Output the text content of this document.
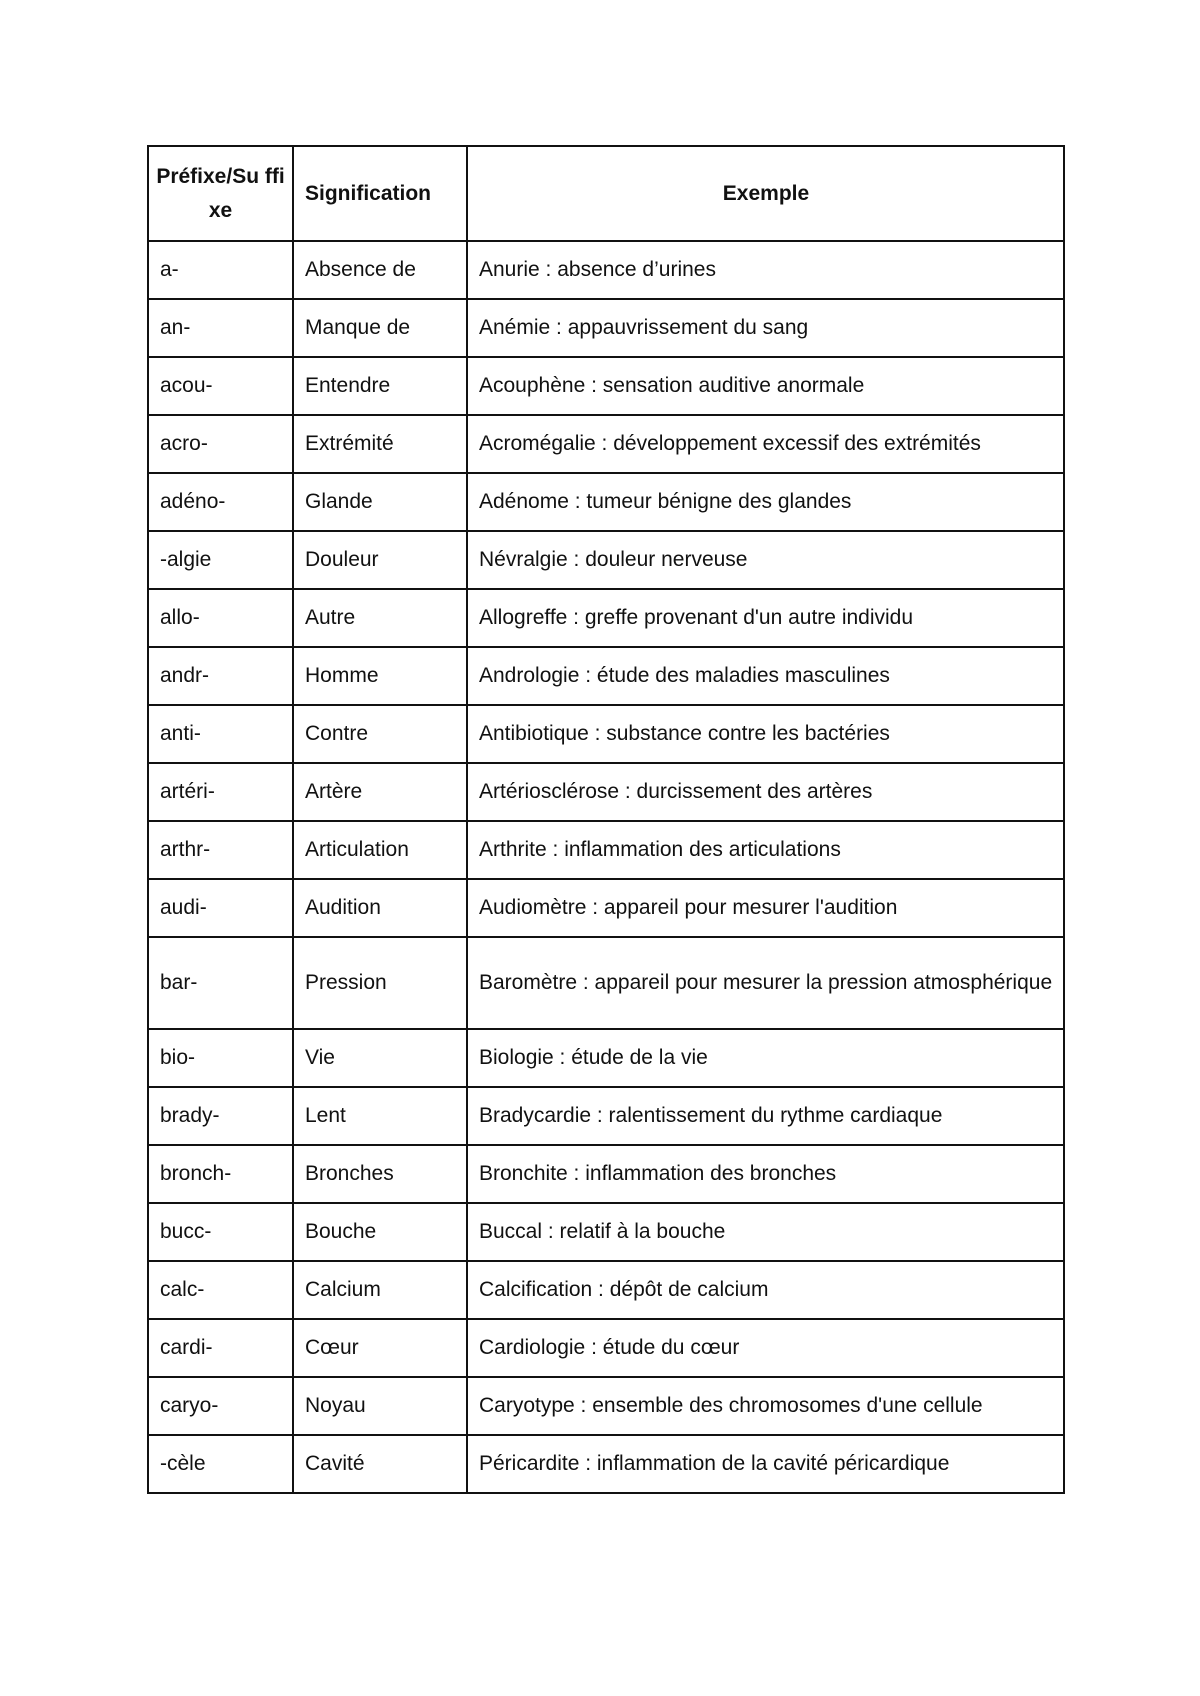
Préfixe/Su ffixe	Signification	Exemple
a-	Absence de	Anurie : absence d’urines
an-	Manque de	Anémie : appauvrissement du sang
acou-	Entendre	Acouphène : sensation auditive anormale
acro-	Extrémité	Acromégalie : développement excessif des extrémités
adéno-	Glande	Adénome : tumeur bénigne des glandes
-algie	Douleur	Névralgie : douleur nerveuse
allo-	Autre	Allogreffe : greffe provenant d'un autre individu
andr-	Homme	Andrologie : étude des maladies masculines
anti-	Contre	Antibiotique : substance contre les bactéries
artéri-	Artère	Artériosclérose : durcissement des artères
arthr-	Articulation	Arthrite : inflammation des articulations
audi-	Audition	Audiomètre : appareil pour mesurer l'audition
bar-	Pression	Baromètre : appareil pour mesurer la pression atmosphérique
bio-	Vie	Biologie : étude de la vie
brady-	Lent	Bradycardie : ralentissement du rythme cardiaque
bronch-	Bronches	Bronchite : inflammation des bronches
bucc-	Bouche	Buccal : relatif à la bouche
calc-	Calcium	Calcification : dépôt de calcium
cardi-	Cœur	Cardiologie : étude du cœur
caryo-	Noyau	Caryotype : ensemble des chromosomes d'une cellule
-cèle	Cavité	Péricardite : inflammation de la cavité péricardique
